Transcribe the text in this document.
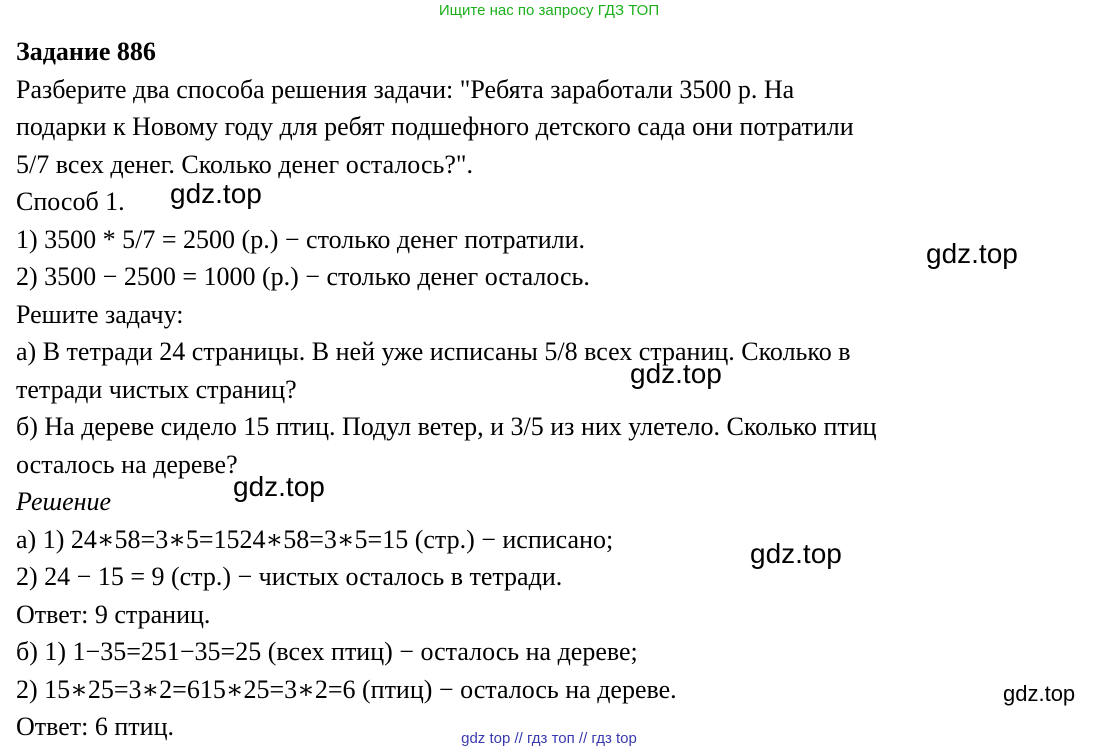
Ищите нас по запросу ГДЗ ТОП
Задание 886
Разберите два способа решения задачи: "Ребята заработали 3500 р. На
подарки к Новому году для ребят подшефного детского сада они потратили
5/7 всех денег. Сколько денег осталось?".
Способ 1.
1) 3500 * 5/7 = 2500 (р.) − столько денег потратили.
2) 3500 − 2500 = 1000 (р.) − столько денег осталось.
Решите задачу:
а) В тетради 24 страницы. В ней уже исписаны 5/8 всех страниц. Сколько в
тетради чистых страниц?
б) На дереве сидело 15 птиц. Подул ветер, и 3/5 из них улетело. Сколько птиц
осталось на дереве?
Решение
а) 1) 24∗58=3∗5=1524∗58=3∗5=15 (стр.) − исписано;
2) 24 − 15 = 9 (стр.) − чистых осталось в тетради.
Ответ: 9 страниц.
б) 1) 1−35=251−35=25 (всех птиц) − осталось на дереве;
2) 15∗25=3∗2=615∗25=3∗2=6 (птиц) − осталось на дереве.
Ответ: 6 птиц.
gdz.top
gdz.top
gdz.top
gdz.top
gdz.top
gdz.top
gdz top // гдз топ // гдз top
